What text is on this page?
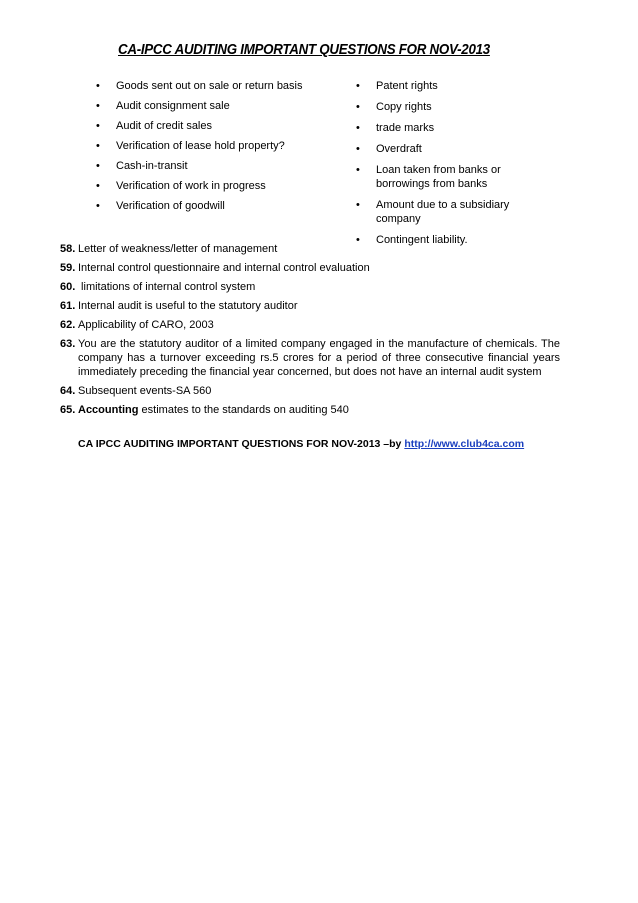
CA-IPCC AUDITING IMPORTANT QUESTIONS FOR NOV-2013
• Goods sent out on sale or return basis
• Audit consignment sale
• Audit of credit sales
• Verification of lease hold property?
• Cash-in-transit
• Verification of work in progress
• Verification of goodwill
• Patent rights
• Copy rights
• trade marks
• Overdraft
• Loan taken from banks or borrowings from banks
• Amount due to a subsidiary company
• Contingent liability.
58. Letter of weakness/letter of management
59. Internal control questionnaire and internal control evaluation
60. limitations of internal control system
61. Internal audit is useful to the statutory auditor
62. Applicability of CARO, 2003
63. You are the statutory auditor of a limited company engaged in the manufacture of chemicals. The company has a turnover exceeding rs.5 crores for a period of three consecutive financial years immediately preceding the financial year concerned, but does not have an internal audit system
64. Subsequent events-SA 560
65. Accounting estimates to the standards on auditing 540
CA IPCC AUDITING IMPORTANT QUESTIONS FOR NOV-2013 –by http://www.club4ca.com
